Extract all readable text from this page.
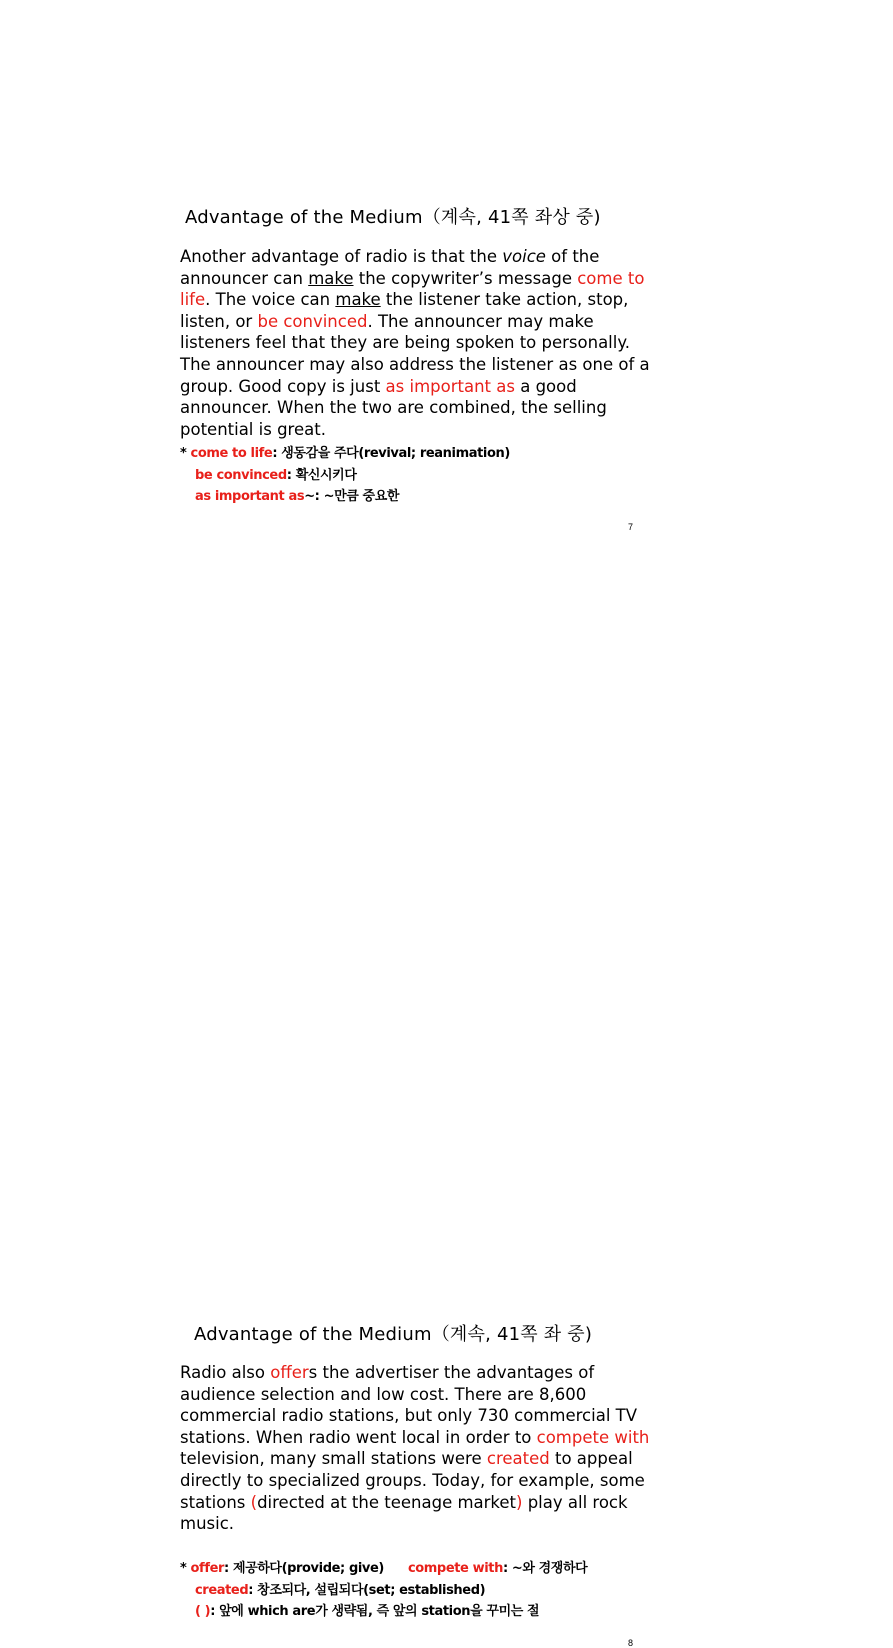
Advantage of the Medium（계속, 41쪽 좌상 중)

Another advantage of radio is that the voice of the announcer can make the copywriter’s message come to life. The voice can make the listener take action, stop, listen, or be convinced. The announcer may make listeners feel that they are being spoken to personally. The announcer may also address the listener as one of a group. Good copy is just as important as a good announcer. When the two are combined, the selling potential is great.

* come to life: 생동감을 주다(revival; reanimation)
be convinced: 확신시키다
as important as~: ~만큼 중요한
7
Advantage of the Medium（계속, 41쪽 좌 중)

Radio also offers the advertiser the advantages of audience selection and low cost. There are 8,600 commercial radio stations, but only 730 commercial TV stations. When radio went local in order to compete with television, many small stations were created to appeal directly to specialized groups. Today, for example, some stations (directed at the teenage market) play all rock music.

* offer: 제공하다(provide; give) compete with: ~와 경쟁하다
created: 창조되다, 설립되다(set; established)
( ): 앞에 which are가 생략됨, 즉 앞의 station을 꾸미는 절
8
